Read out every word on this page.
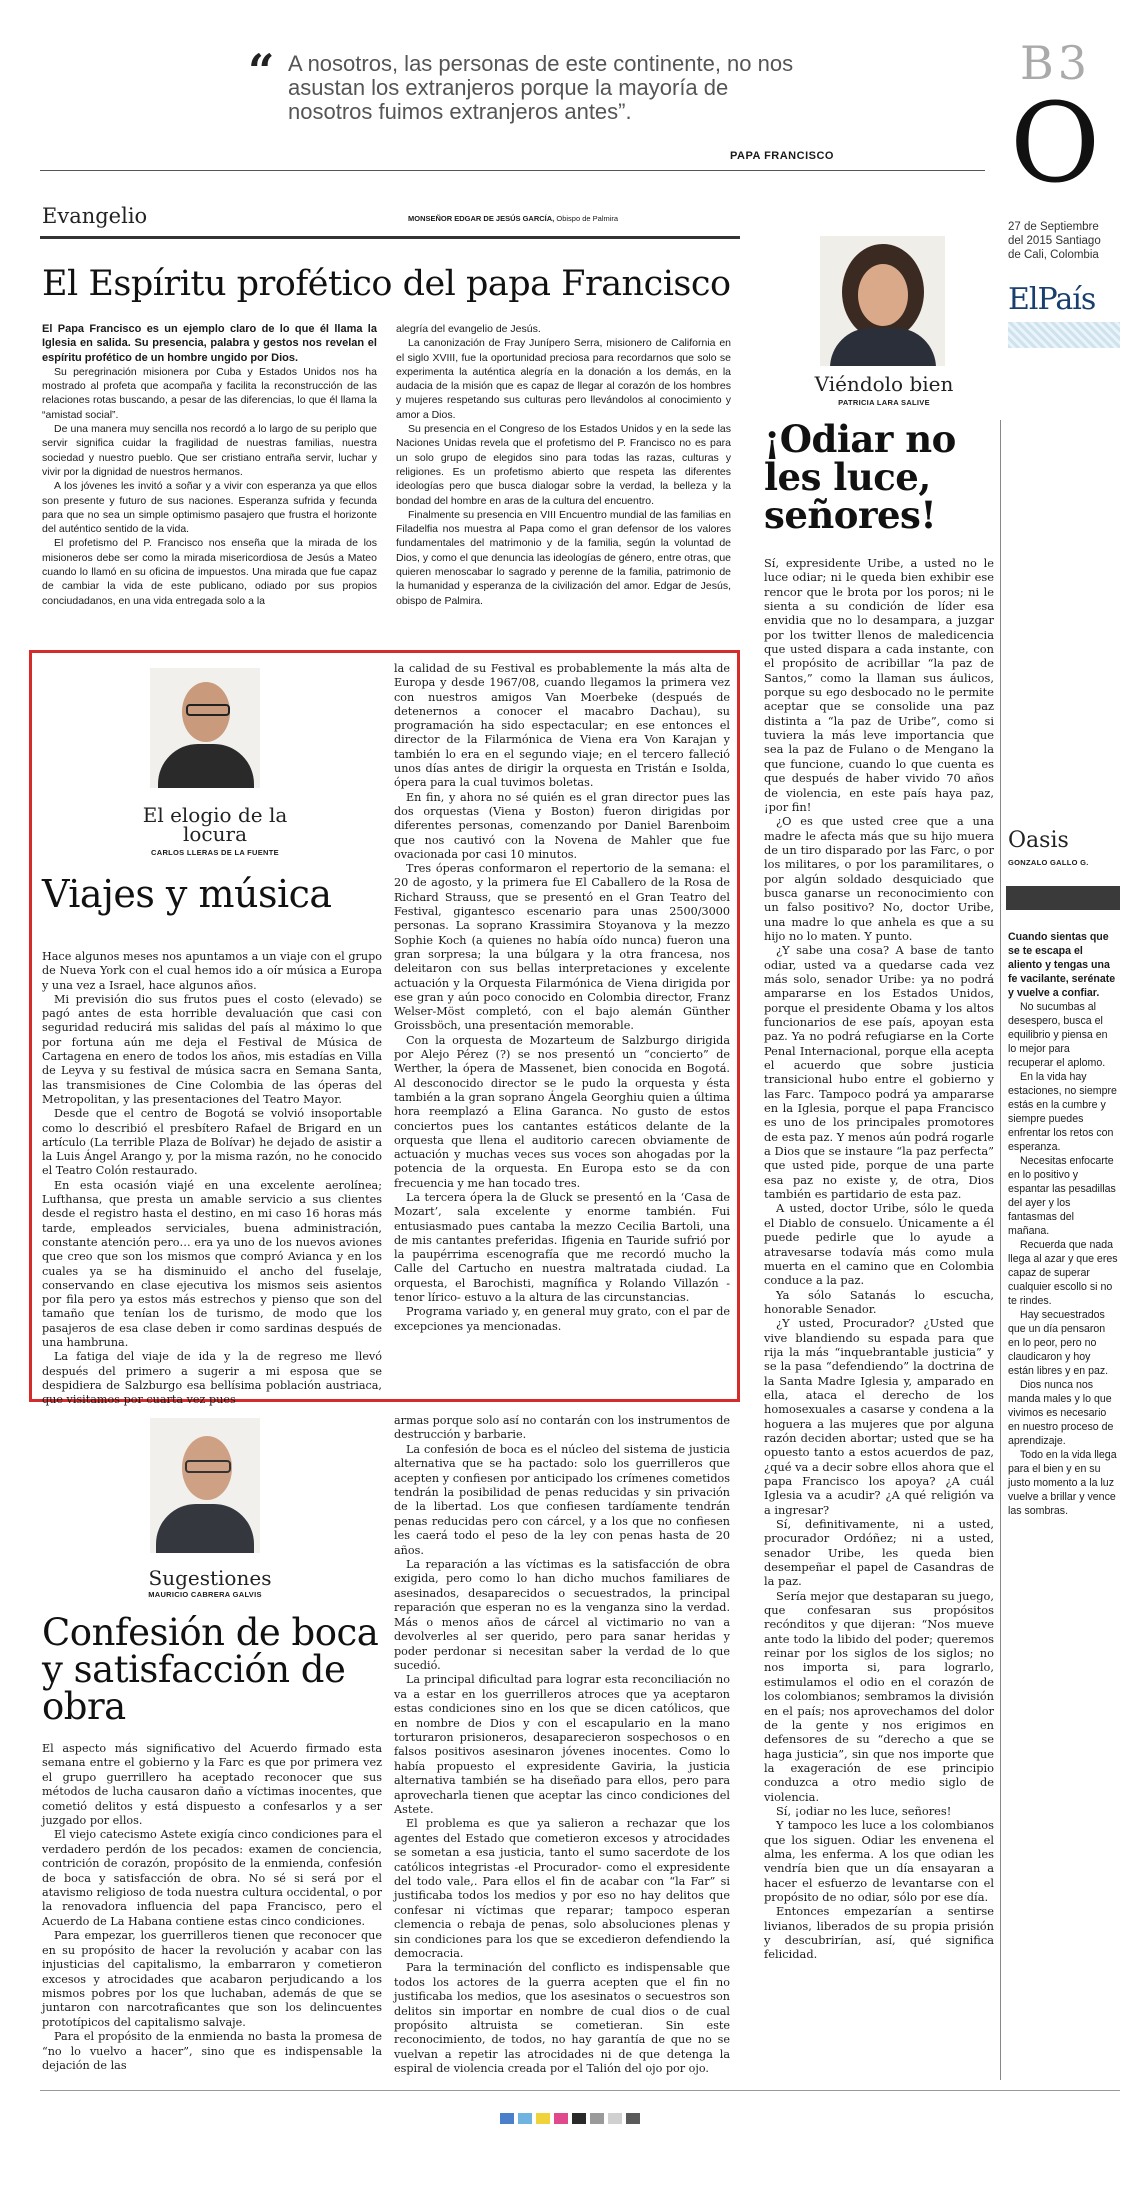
“ A nosotros, las personas de este continente, no nos asustan los extranjeros porque la mayoría de nosotros fuimos extranjeros antes”.
PAPA FRANCISCO
B3
O
27 de Septiembre del 2015 Santiago de Cali, Colombia
ElPaís
Evangelio	MONSEÑOR EDGAR DE JESÚS GARCÍA, Obispo de Palmira
El Espíritu profético del papa Francisco

El Papa Francisco es un ejemplo claro de lo que él llama la Iglesia en salida. Su presencia, palabra y gestos nos revelan el espíritu profético de un hombre ungido por Dios.

Su peregrinación misionera por Cuba y Estados Unidos nos ha mostrado al profeta que acompaña y facilita la reconstrucción de las relaciones rotas buscando, a pesar de las diferencias, lo que él llama la “amistad social”.

De una manera muy sencilla nos recordó a lo largo de su periplo que servir significa cuidar la fragilidad de nuestras familias, nuestra sociedad y nuestro pueblo. Que ser cristiano entraña servir, luchar y vivir por la dignidad de nuestros hermanos.

A los jóvenes les invitó a soñar y a vivir con esperanza ya que ellos son presente y futuro de sus naciones. Esperanza sufrida y fecunda para que no sea un simple optimismo pasajero que frustra el horizonte del auténtico sentido de la vida.

El profetismo del P. Francisco nos enseña que la mirada de los misioneros debe ser como la mirada misericordiosa de Jesús a Mateo cuando lo llamó en su oficina de impuestos. Una mirada que fue capaz de cambiar la vida de este publicano, odiado por sus propios conciudadanos, en una vida entregada solo a la

alegría del evangelio de Jesús.

La canonización de Fray Junípero Serra, misionero de California en el siglo XVIII, fue la oportunidad preciosa para recordarnos que solo se experimenta la auténtica alegría en la donación a los demás, en la audacia de la misión que es capaz de llegar al corazón de los hombres y mujeres respetando sus culturas pero llevándolos al conocimiento y amor a Dios.

Su presencia en el Congreso de los Estados Unidos y en la sede las Naciones Unidas revela que el profetismo del P. Francisco no es para un solo grupo de elegidos sino para todas las razas, culturas y religiones. Es un profetismo abierto que respeta las diferentes ideologías pero que busca dialogar sobre la verdad, la belleza y la bondad del hombre en aras de la cultura del encuentro.

Finalmente su presencia en VIII Encuentro mundial de las familias en Filadelfia nos muestra al Papa como el gran defensor de los valores fundamentales del matrimonio y de la familia, según la voluntad de Dios, y como el que denuncia las ideologías de género, entre otras, que quieren menoscabar lo sagrado y perenne de la familia, patrimonio de la humanidad y esperanza de la civilización del amor. Edgar de Jesús, obispo de Palmira.

Viéndolo bien
PATRICIA LARA SALIVE
¡Odiar no les luce, señores!

Sí, expresidente Uribe, a usted no le luce odiar; ni le queda bien exhibir ese rencor que le brota por los poros; ni le sienta a su condición de líder esa envidia que no lo desampara, a juzgar por los twitter llenos de maledicencia que usted dispara a cada instante, con el propósito de acribillar “la paz de Santos,” como la llaman sus áulicos, porque su ego desbocado no le permite aceptar que se consolide una paz distinta a “la paz de Uribe”, como si tuviera la más leve importancia que sea la paz de Fulano o de Mengano la que funcione, cuando lo que cuenta es que después de haber vivido 70 años de violencia, en este país haya paz, ¡por fin!

¿O es que usted cree que a una madre le afecta más que su hijo muera de un tiro disparado por las Farc, o por los militares, o por los paramilitares, o por algún soldado desquiciado que busca ganarse un reconocimiento con un falso positivo? No, doctor Uribe, una madre lo que anhela es que a su hijo no lo maten. Y punto.

¿Y sabe una cosa? A base de tanto odiar, usted va a quedarse cada vez más solo, senador Uribe: ya no podrá ampararse en los Estados Unidos, porque el presidente Obama y los altos funcionarios de ese país, apoyan esta paz. Ya no podrá refugiarse en la Corte Penal Internacional, porque ella acepta el acuerdo que sobre justicia transicional hubo entre el gobierno y las Farc. Tampoco podrá ya ampararse en la Iglesia, porque el papa Francisco es uno de los principales promotores de esta paz. Y menos aún podrá rogarle a Dios que se instaure “la paz perfecta” que usted pide, porque de una parte esa paz no existe y, de otra, Dios también es partidario de esta paz.

A usted, doctor Uribe, sólo le queda el Diablo de consuelo. Únicamente a él puede pedirle que lo ayude a atravesarse todavía más como mula muerta en el camino que en Colombia conduce a la paz.

Ya sólo Satanás lo escucha, honorable Senador.

¿Y usted, Procurador? ¿Usted que vive blandiendo su espada para que rija la más “inquebrantable justicia” y se la pasa “defendiendo” la doctrina de la Santa Madre Iglesia y, amparado en ella, ataca el derecho de los homosexuales a casarse y condena a la hoguera a las mujeres que por alguna razón deciden abortar; usted que se ha opuesto tanto a estos acuerdos de paz, ¿qué va a decir sobre ellos ahora que el papa Francisco los apoya? ¿A cuál Iglesia va a acudir? ¿A qué religión va a ingresar?

Sí, definitivamente, ni a usted, procurador Ordóñez; ni a usted, senador Uribe, les queda bien desempeñar el papel de Casandras de la paz.

Sería mejor que destaparan su juego, que confesaran sus propósitos recónditos y que dijeran: “Nos mueve ante todo la libido del poder; queremos reinar por los siglos de los siglos; no nos importa si, para lograrlo, estimulamos el odio en el corazón de los colombianos; sembramos la división en el país; nos aprovechamos del dolor de la gente y nos erigimos en defensores de su “derecho a que se haga justicia”, sin que nos importe que la exageración de ese principio conduzca a otro medio siglo de violencia.

Sí, ¡odiar no les luce, señores!

Y tampoco les luce a los colombianos que los siguen. Odiar les envenena el alma, les enferma. A los que odian les vendría bien que un día ensayaran a hacer el esfuerzo de levantarse con el propósito de no odiar, sólo por ese día.

Entonces empezarían a sentirse livianos, liberados de su propia prisión y descubrirían, así, qué significa felicidad.

Oasis
GONZALO GALLO G.

Cuando sientas que se te escapa el aliento y tengas una fe vacilante, serénate y vuelve a confiar.

No sucumbas al desespero, busca el equilibrio y piensa en lo mejor para recuperar el aplomo.

En la vida hay estaciones, no siempre estás en la cumbre y siempre puedes enfrentar los retos con esperanza.

Necesitas enfocarte en lo positivo y espantar las pesadillas del ayer y los fantasmas del mañana.

Recuerda que nada llega al azar y que eres capaz de superar cualquier escollo si no te rindes.

Hay secuestrados que un día pensaron en lo peor, pero no claudicaron y hoy están libres y en paz.

Dios nunca nos manda males y lo que vivimos es necesario en nuestro proceso de aprendizaje.

Todo en la vida llega para el bien y en su justo momento a la luz vuelve a brillar y vence las sombras.

El elogio de la locura
CARLOS LLERAS DE LA FUENTE
Viajes y música

Hace algunos meses nos apuntamos a un viaje con el grupo de Nueva York con el cual hemos ido a oír música a Europa y una vez a Israel, hace algunos años.

Mi previsión dio sus frutos pues el costo (elevado) se pagó antes de esta horrible devaluación que casi con seguridad reducirá mis salidas del país al máximo lo que por fortuna aún me deja el Festival de Música de Cartagena en enero de todos los años, mis estadías en Villa de Leyva y su festival de música sacra en Semana Santa, las transmisiones de Cine Colombia de las óperas del Metropolitan, y las presentaciones del Teatro Mayor.

Desde que el centro de Bogotá se volvió insoportable como lo describió el presbítero Rafael de Brigard en un artículo (La terrible Plaza de Bolívar) he dejado de asistir a la Luis Ángel Arango y, por la misma razón, no he conocido el Teatro Colón restaurado.

En esta ocasión viajé en una excelente aerolínea; Lufthansa, que presta un amable servicio a sus clientes desde el registro hasta el destino, en mi caso 16 horas más tarde, empleados serviciales, buena administración, constante atención pero… era ya uno de los nuevos aviones que creo que son los mismos que compró Avianca y en los cuales ya se ha disminuido el ancho del fuselaje, conservando en clase ejecutiva los mismos seis asientos por fila pero ya estos más estrechos y pienso que son del tamaño que tenían los de turismo, de modo que los pasajeros de esa clase deben ir como sardinas después de una hambruna.

La fatiga del viaje de ida y la de regreso me llevó después del primero a sugerir a mi esposa que se despidiera de Salzburgo esa bellísima población austriaca, que visitamos por cuarta vez pues

la calidad de su Festival es probablemente la más alta de Europa y desde 1967/08, cuando llegamos la primera vez con nuestros amigos Van Moerbeke (después de detenernos a conocer el macabro Dachau), su programación ha sido espectacular; en ese entonces el director de la Filarmónica de Viena era Von Karajan y también lo era en el segundo viaje; en el tercero falleció unos días antes de dirigir la orquesta en Tristán e Isolda, ópera para la cual tuvimos boletas.

En fin, y ahora no sé quién es el gran director pues las dos orquestas (Viena y Boston) fueron dirigidas por diferentes personas, comenzando por Daniel Barenboim que nos cautivó con la Novena de Mahler que fue ovacionada por casi 10 minutos.

Tres óperas conformaron el repertorio de la semana: el 20 de agosto, y la primera fue El Caballero de la Rosa de Richard Strauss, que se presentó en el Gran Teatro del Festival, gigantesco escenario para unas 2500/3000 personas. La soprano Krassimira Stoyanova y la mezzo Sophie Koch (a quienes no había oído nunca) fueron una gran sorpresa; la una búlgara y la otra francesa, nos deleitaron con sus bellas interpretaciones y excelente actuación y la Orquesta Filarmónica de Viena dirigida por ese gran y aún poco conocido en Colombia director, Franz Welser-Möst completó, con el bajo alemán Günther Groissböch, una presentación memorable.

Con la orquesta de Mozarteum de Salzburgo dirigida por Alejo Pérez (?) se nos presentó un “concierto” de Werther, la ópera de Massenet, bien conocida en Bogotá. Al desconocido director se le pudo la orquesta y ésta también a la gran soprano Ángela Georghiu quien a última hora reemplazó a Elina Garanca. No gusto de estos conciertos pues los cantantes estáticos delante de la orquesta que llena el auditorio carecen obviamente de actuación y muchas veces sus voces son ahogadas por la potencia de la orquesta. En Europa esto se da con frecuencia y me han tocado tres.

La tercera ópera la de Gluck se presentó en la ‘Casa de Mozart’, sala excelente y enorme también. Fui entusiasmado pues cantaba la mezzo Cecilia Bartoli, una de mis cantantes preferidas. Ifigenia en Tauride sufrió por la paupérrima escenografía que me recordó mucho la Calle del Cartucho en nuestra maltratada ciudad. La orquesta, el Barochisti, magnífica y Rolando Villazón -tenor lírico- estuvo a la altura de las circunstancias.

Programa variado y, en general muy grato, con el par de excepciones ya mencionadas.

Sugestiones
MAURICIO CABRERA GALVIS
Confesión de boca y satisfacción de obra

El aspecto más significativo del Acuerdo firmado esta semana entre el gobierno y la Farc es que por primera vez el grupo guerrillero ha aceptado reconocer que sus métodos de lucha causaron daño a víctimas inocentes, que cometió delitos y está dispuesto a confesarlos y a ser juzgado por ellos.

El viejo catecismo Astete exigía cinco condiciones para el verdadero perdón de los pecados: examen de conciencia, contrición de corazón, propósito de la enmienda, confesión de boca y satisfacción de obra. No sé si será por el atavismo religioso de toda nuestra cultura occidental, o por la renovadora influencia del papa Francisco, pero el Acuerdo de La Habana contiene estas cinco condiciones.

Para empezar, los guerrilleros tienen que reconocer que en su propósito de hacer la revolución y acabar con las injusticias del capitalismo, la embarraron y cometieron excesos y atrocidades que acabaron perjudicando a los mismos pobres por los que luchaban, además de que se juntaron con narcotraficantes que son los delincuentes prototípicos del capitalismo salvaje.

Para el propósito de la enmienda no basta la promesa de “no lo vuelvo a hacer”, sino que es indispensable la dejación de las

armas porque solo así no contarán con los instrumentos de destrucción y barbarie.

La confesión de boca es el núcleo del sistema de justicia alternativa que se ha pactado: solo los guerrilleros que acepten y confiesen por anticipado los crímenes cometidos tendrán la posibilidad de penas reducidas y sin privación de la libertad. Los que confiesen tardíamente tendrán penas reducidas pero con cárcel, y a los que no confiesen les caerá todo el peso de la ley con penas hasta de 20 años.

La reparación a las víctimas es la satisfacción de obra exigida, pero como lo han dicho muchos familiares de asesinados, desaparecidos o secuestrados, la principal reparación que esperan no es la venganza sino la verdad. Más o menos años de cárcel al victimario no van a devolverles al ser querido, pero para sanar heridas y poder perdonar si necesitan saber la verdad de lo que sucedió.

La principal dificultad para lograr esta reconciliación no va a estar en los guerrilleros atroces que ya aceptaron estas condiciones sino en los que se dicen católicos, que en nombre de Dios y con el escapulario en la mano torturaron prisioneros, desaparecieron sospechosos o en falsos positivos asesinaron jóvenes inocentes. Como lo había propuesto el expresidente Gaviria, la justicia alternativa también se ha diseñado para ellos, pero para aprovecharla tienen que aceptar las cinco condiciones del Astete.

El problema es que ya salieron a rechazar que los agentes del Estado que cometieron excesos y atrocidades se sometan a esa justicia, tanto el sumo sacerdote de los católicos integristas -el Procurador- como el expresidente del todo vale,. Para ellos el fin de acabar con “la Far” si justificaba todos los medios y por eso no hay delitos que confesar ni víctimas que reparar; tampoco esperan clemencia o rebaja de penas, solo absoluciones plenas y sin condiciones para los que se excedieron defendiendo la democracia.

Para la terminación del conflicto es indispensable que todos los actores de la guerra acepten que el fin no justificaba los medios, que los asesinatos o secuestros son delitos sin importar en nombre de cual dios o de cual propósito altruista se cometieran. Sin este reconocimiento, de todos, no hay garantía de que no se vuelvan a repetir las atrocidades ni de que detenga la espiral de violencia creada por el Talión del ojo por ojo.
